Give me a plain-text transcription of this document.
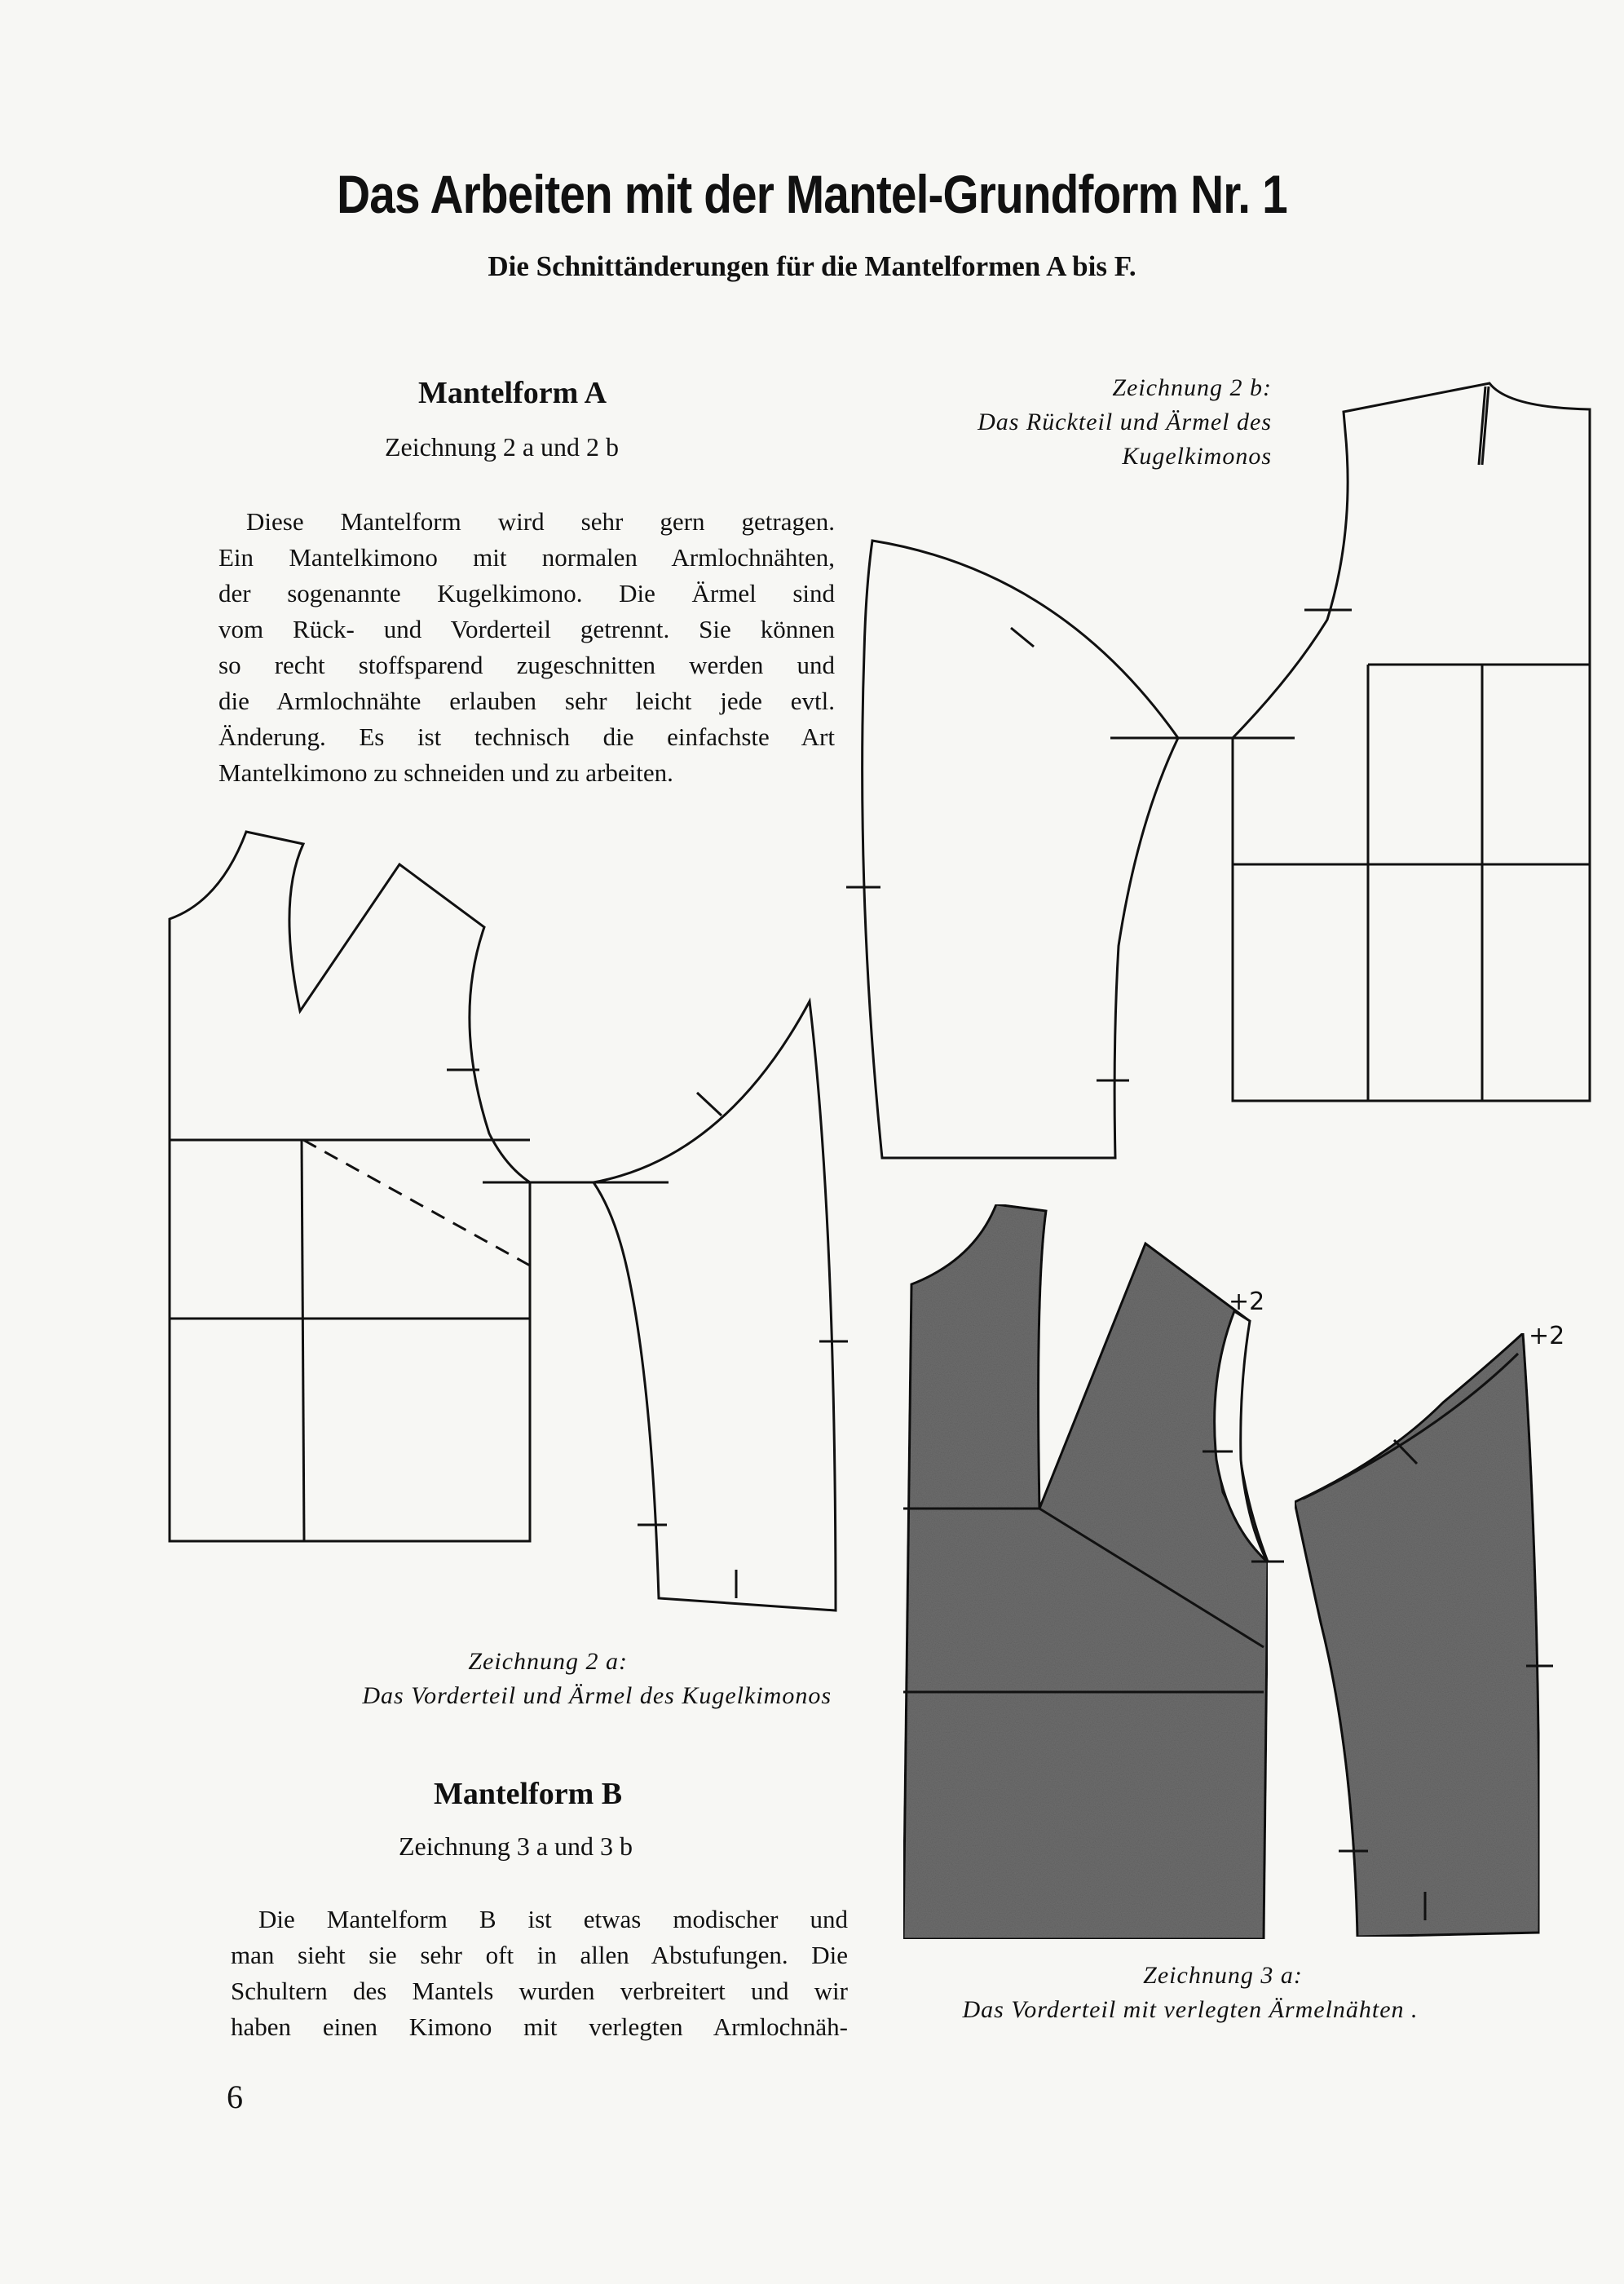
Das Arbeiten mit der Mantel-Grundform Nr. 1
Die Schnittänderungen für die Mantelformen A bis F.
Mantelform A
Zeichnung 2 a und 2 b
Diese Mantelform wird sehr gern getragen.
Ein Mantelkimono mit normalen Armlochnähten,
der sogenannte Kugelkimono. Die Ärmel sind
vom Rück- und Vorderteil getrennt. Sie können
so recht stoffsparend zugeschnitten werden und
die Armlochnähte erlauben sehr leicht jede evtl.
Änderung. Es ist technisch die einfachste Art
Mantelkimono zu schneiden und zu arbeiten.
Zeichnung 2 b:
Das Rückteil und Ärmel des
Kugelkimonos
Zeichnung 2 a:
Das Vorderteil und Ärmel des Kugelkimonos
Mantelform B
Zeichnung 3 a und 3 b
Die Mantelform B ist etwas modischer und
man sieht sie sehr oft in allen Abstufungen. Die
Schultern des Mantels wurden verbreitert und wir
haben einen Kimono mit verlegten Armlochnäh-
Zeichnung 3 a:
Das Vorderteil mit verlegten Ärmelnähten .
6
+2
+2
